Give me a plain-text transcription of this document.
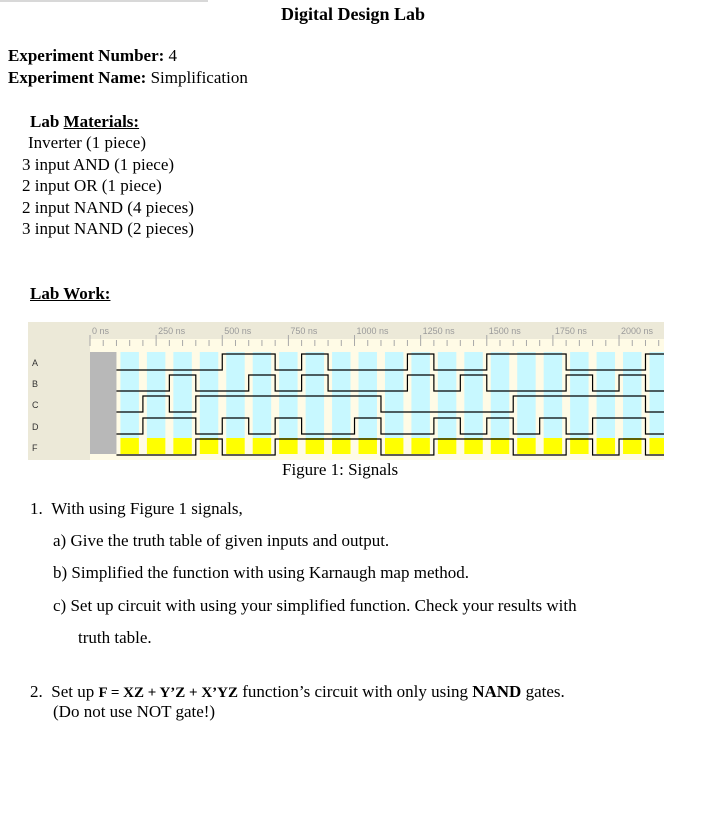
Digital Design Lab
Experiment Number: 4
Experiment Name: Simplification
Lab Materials:
Inverter (1 piece)
3 input AND (1 piece)
2 input OR (1 piece)
2 input NAND (4 pieces)
3 input NAND (2 pieces)
Lab Work:
0 ns	250 ns	500 ns	750 ns	1000 ns	1250 ns	1500 ns	1750 ns	2000 ns
A
B
C
D
F
Figure 1: Signals
1. With using Figure 1 signals,
a) Give the truth table of given inputs and output.
b) Simplified the function with using Karnaugh map method.
c) Set up circuit with using your simplified function. Check your results with
truth table.
2. Set up F = XZ + Y’Z + X’YZ function’s circuit with only using NAND gates.
(Do not use NOT gate!)
